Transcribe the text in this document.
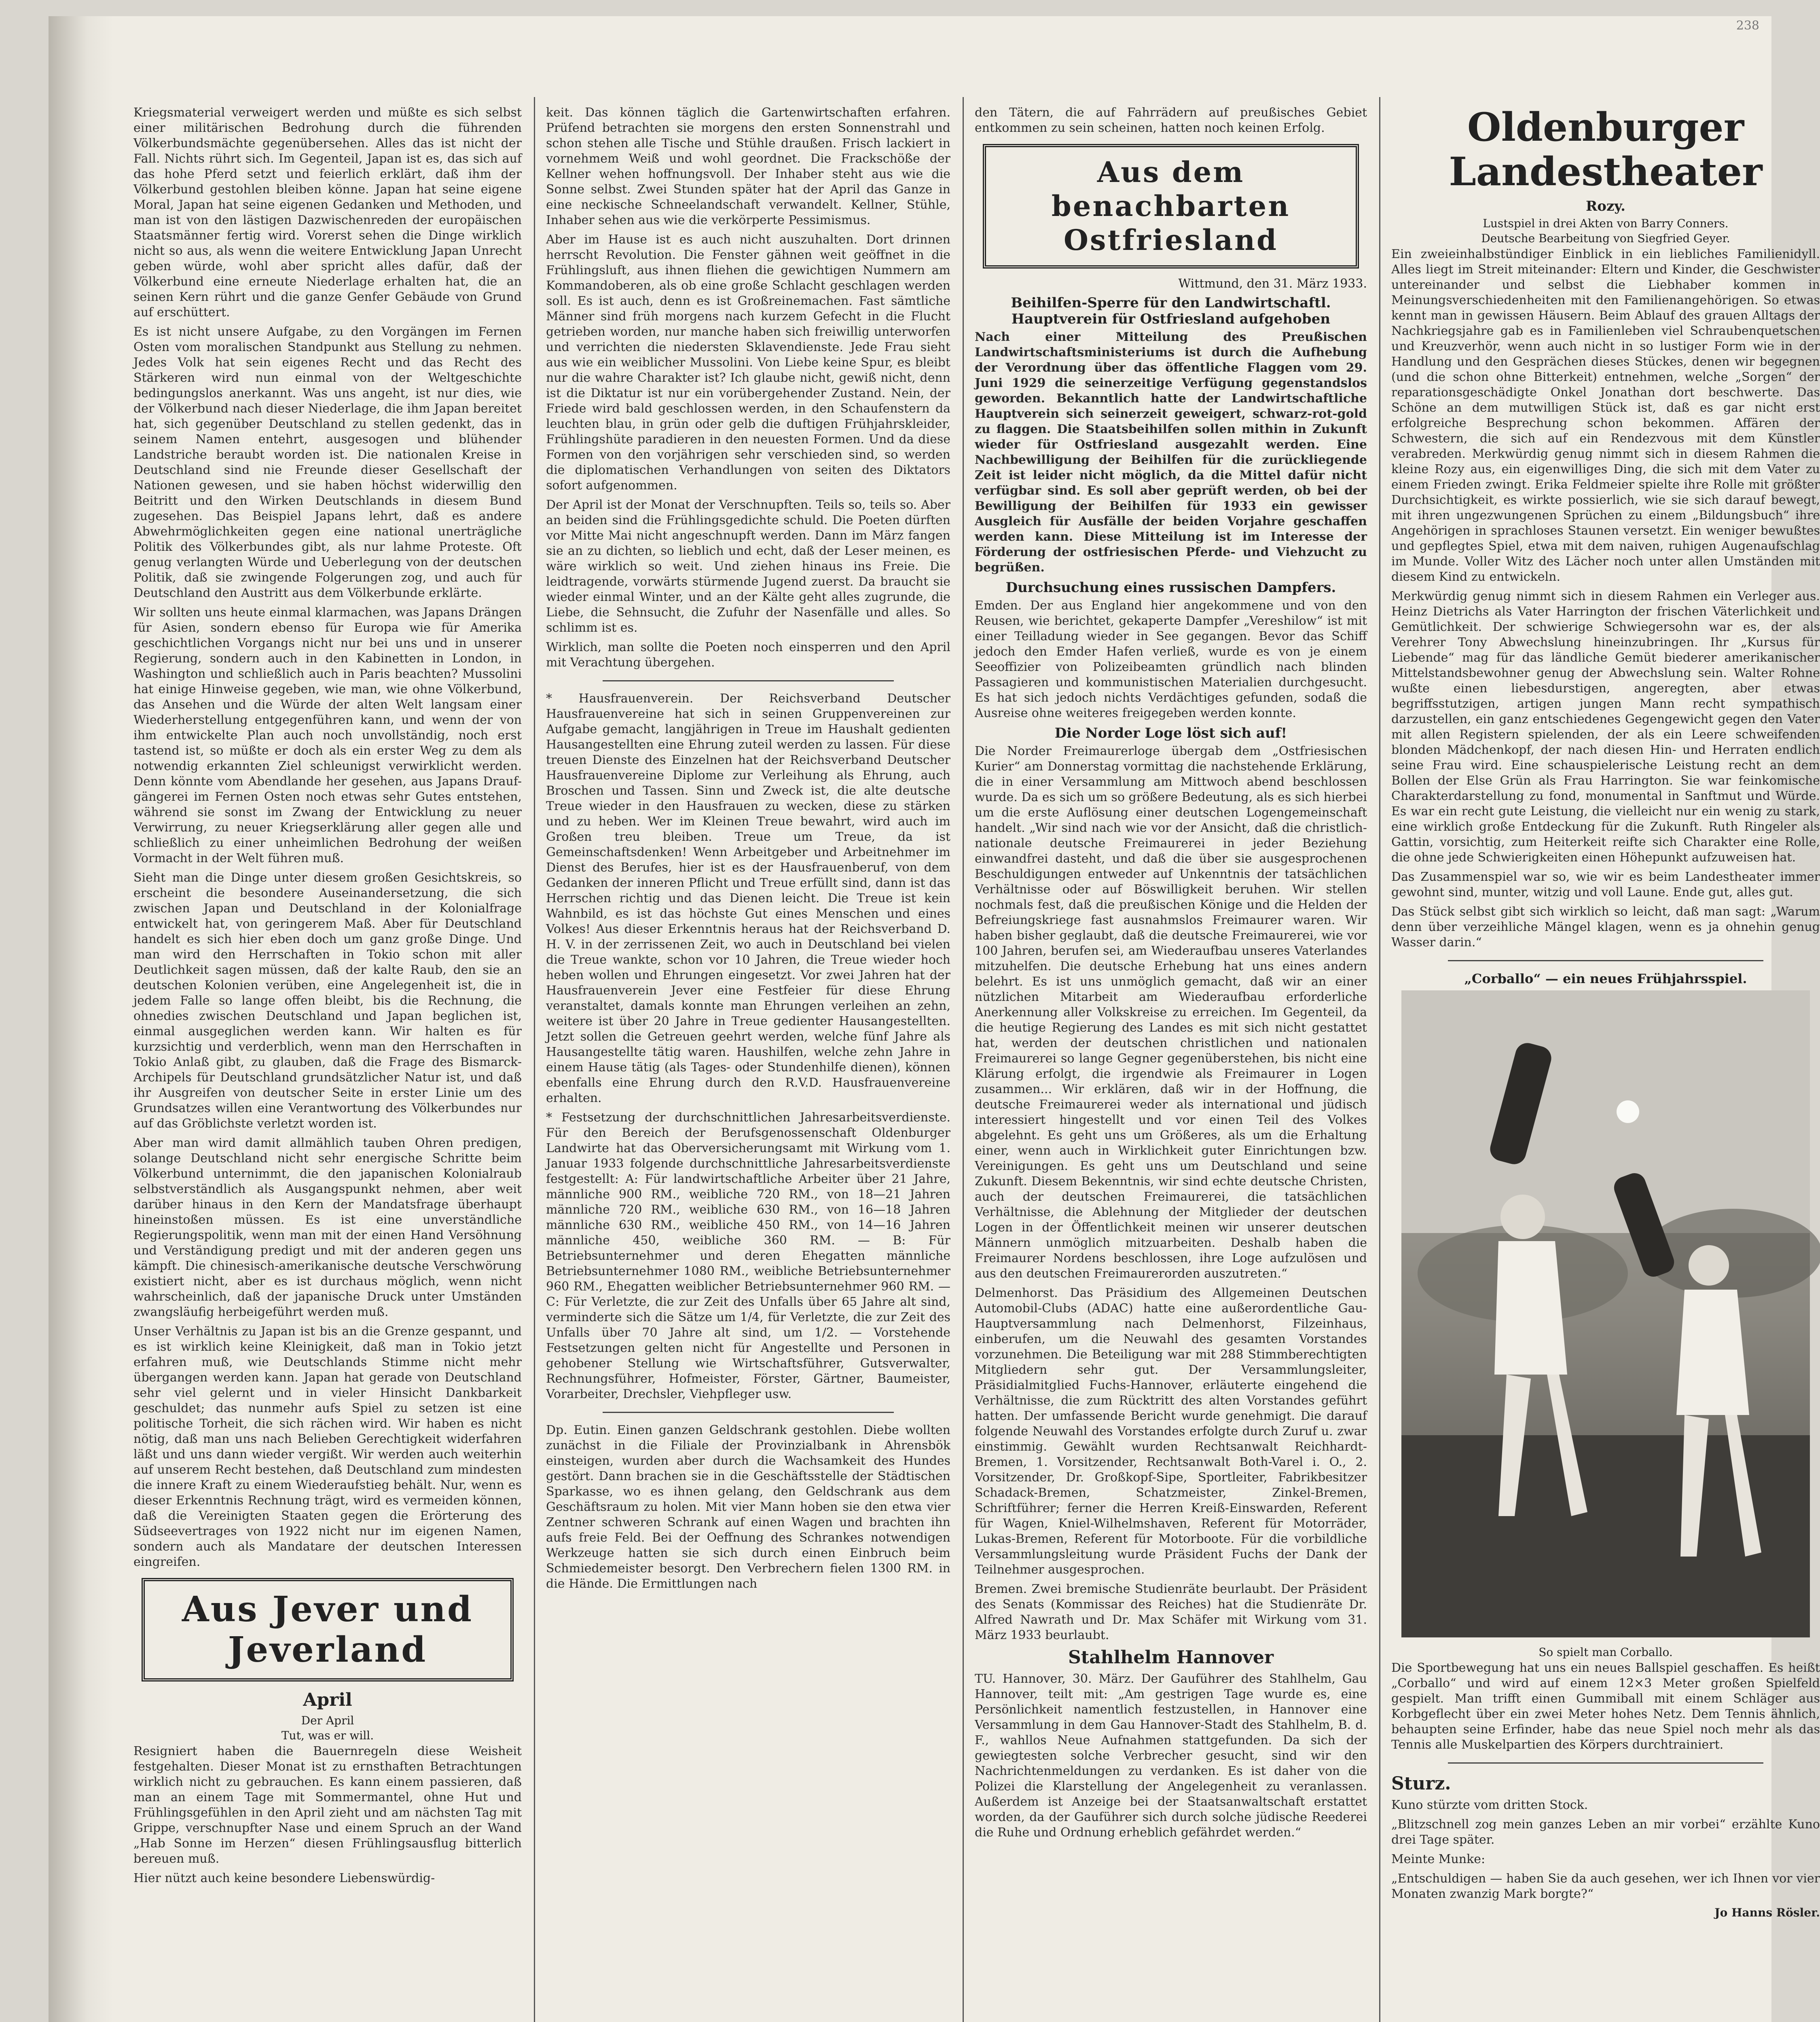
238

Kriegsmaterial verweigert werden und müßte es sich selbst einer militärischen Bedrohung durch die führenden Völkerbundsmächte gegenübersehen. Alles das ist nicht der Fall. Nichts rührt sich. Im Gegenteil, Japan ist es, das sich auf das hohe Pferd setzt und feierlich erklärt, daß ihm der Völkerbund gestohlen bleiben könne. Japan hat seine eigene Moral, Japan hat seine eigenen Gedanken und Methoden, und man ist von den lästigen Dazwischenreden der europäischen Staatsmänner fertig wird. Vorerst sehen die Dinge wirklich nicht so aus, als wenn die weitere Entwicklung Japan Unrecht geben würde, wohl aber spricht alles dafür, daß der Völkerbund eine erneute Niederlage erhalten hat, die an seinen Kern rührt und die ganze Genfer Gebäude von Grund auf erschüttert.

Es ist nicht unsere Aufgabe, zu den Vorgängen im Fernen Osten vom moralischen Standpunkt aus Stellung zu nehmen. Jedes Volk hat sein eigenes Recht und das Recht des Stärkeren wird nun einmal von der Weltgeschichte bedingungslos anerkannt. Was uns angeht, ist nur dies, wie der Völkerbund nach dieser Niederlage, die ihm Japan bereitet hat, sich gegenüber Deutschland zu stellen gedenkt, das in seinem Namen entehrt, ausgesogen und blühender Landstriche beraubt worden ist. Die nationalen Kreise in Deutschland sind nie Freunde dieser Gesellschaft der Nationen gewesen, und sie haben höchst widerwillig den Beitritt und den Wirken Deutschlands in diesem Bund zugesehen. Das Beispiel Japans lehrt, daß es andere Abwehrmöglichkeiten gegen eine national unerträgliche Politik des Völkerbundes gibt, als nur lahme Proteste. Oft genug verlangten Würde und Ueberlegung von der deutschen Politik, daß sie zwingende Folgerungen zog, und auch für Deutschland den Austritt aus dem Völkerbunde erklärte.

Wir sollten uns heute einmal klarmachen, was Japans Drängen für Asien, sondern ebenso für Europa wie für Amerika geschichtlichen Vorgangs nicht nur bei uns und in unserer Regierung, sondern auch in den Kabinetten in London, in Washington und schließlich auch in Paris beachten? Mussolini hat einige Hinweise gegeben, wie man, wie ohne Völkerbund, das Ansehen und die Würde der alten Welt langsam einer Wiederherstellung entgegenführen kann, und wenn der von ihm entwickelte Plan auch noch unvollständig, noch erst tastend ist, so müßte er doch als ein erster Weg zu dem als notwendig erkannten Ziel schleunigst verwirklicht werden. Denn könnte vom Abendlande her gesehen, aus Japans Drauf-gängerei im Fernen Osten noch etwas sehr Gutes entstehen, während sie sonst im Zwang der Entwicklung zu neuer Verwirrung, zu neuer Kriegserklärung aller gegen alle und schließlich zu einer unheimlichen Bedrohung der weißen Vormacht in der Welt führen muß.

Sieht man die Dinge unter diesem großen Gesichtskreis, so erscheint die besondere Auseinandersetzung, die sich zwischen Japan und Deutschland in der Kolonialfrage entwickelt hat, von geringerem Maß. Aber für Deutschland handelt es sich hier eben doch um ganz große Dinge. Und man wird den Herrschaften in Tokio schon mit aller Deutlichkeit sagen müssen, daß der kalte Raub, den sie an deutschen Kolonien verüben, eine Angelegenheit ist, die in jedem Falle so lange offen bleibt, bis die Rechnung, die ohnedies zwischen Deutschland und Japan beglichen ist, einmal ausgeglichen werden kann. Wir halten es für kurzsichtig und verderblich, wenn man den Herrschaften in Tokio Anlaß gibt, zu glauben, daß die Frage des Bismarck-Archipels für Deutschland grundsätzlicher Natur ist, und daß ihr Ausgreifen von deutscher Seite in erster Linie um des Grundsatzes willen eine Verantwortung des Völkerbundes nur auf das Gröblichste verletzt worden ist.

Aber man wird damit allmählich tauben Ohren predigen, solange Deutschland nicht sehr energische Schritte beim Völkerbund unternimmt, die den japanischen Kolonialraub selbstverständlich als Ausgangspunkt nehmen, aber weit darüber hinaus in den Kern der Mandatsfrage überhaupt hineinstoßen müssen. Es ist eine unverständliche Regierungspolitik, wenn man mit der einen Hand Versöhnung und Verständigung predigt und mit der anderen gegen uns kämpft. Die chinesisch-amerikanische deutsche Verschwörung existiert nicht, aber es ist durchaus möglich, wenn nicht wahrscheinlich, daß der japanische Druck unter Umständen zwangsläufig herbeigeführt werden muß.

Unser Verhältnis zu Japan ist bis an die Grenze gespannt, und es ist wirklich keine Kleinigkeit, daß man in Tokio jetzt erfahren muß, wie Deutschlands Stimme nicht mehr übergangen werden kann. Japan hat gerade von Deutschland sehr viel gelernt und in vieler Hinsicht Dankbarkeit geschuldet; das nunmehr aufs Spiel zu setzen ist eine politische Torheit, die sich rächen wird. Wir haben es nicht nötig, daß man uns nach Belieben Gerechtigkeit widerfahren läßt und uns dann wieder vergißt. Wir werden auch weiterhin auf unserem Recht bestehen, daß Deutschland zum mindesten die innere Kraft zu einem Wiederaufstieg behält. Nur, wenn es dieser Erkenntnis Rechnung trägt, wird es vermeiden können, daß die Vereinigten Staaten gegen die Erörterung des Südseevertrages von 1922 nicht nur im eigenen Namen, sondern auch als Mandatare der deutschen Interessen eingreifen.

Aus Jever und Jeverland
April
Der April
Tut, was er will.

Resigniert haben die Bauernregeln diese Weisheit festgehalten. Dieser Monat ist zu ernsthaften Betrachtungen wirklich nicht zu gebrauchen. Es kann einem passieren, daß man an einem Tage mit Sommermantel, ohne Hut und Frühlingsgefühlen in den April zieht und am nächsten Tag mit Grippe, verschnupfter Nase und einem Spruch an der Wand „Hab Sonne im Herzen“ diesen Frühlingsausflug bitterlich bereuen muß.

Hier nützt auch keine besondere Liebenswürdig-

keit. Das können täglich die Gartenwirtschaften erfahren. Prüfend betrachten sie morgens den ersten Sonnenstrahl und schon stehen alle Tische und Stühle draußen. Frisch lackiert in vornehmem Weiß und wohl geordnet. Die Frackschöße der Kellner wehen hoffnungsvoll. Der Inhaber steht aus wie die Sonne selbst. Zwei Stunden später hat der April das Ganze in eine neckische Schneelandschaft verwandelt. Kellner, Stühle, Inhaber sehen aus wie die verkörperte Pessimismus.

Aber im Hause ist es auch nicht auszuhalten. Dort drinnen herrscht Revolution. Die Fenster gähnen weit geöffnet in die Frühlingsluft, aus ihnen fliehen die gewichtigen Nummern am Kommandoberen, als ob eine große Schlacht geschlagen werden soll. Es ist auch, denn es ist Großreinemachen. Fast sämtliche Männer sind früh morgens nach kurzem Gefecht in die Flucht getrieben worden, nur manche haben sich freiwillig unterworfen und verrichten die niedersten Sklavendienste. Jede Frau sieht aus wie ein weiblicher Mussolini. Von Liebe keine Spur, es bleibt nur die wahre Charakter ist? Ich glaube nicht, gewiß nicht, denn ist die Diktatur ist nur ein vorübergehender Zustand. Nein, der Friede wird bald geschlossen werden, in den Schaufenstern da leuchten blau, in grün oder gelb die duftigen Frühjahrskleider, Frühlingshüte paradieren in den neuesten Formen. Und da diese Formen von den vorjährigen sehr verschieden sind, so werden die diplomatischen Verhandlungen von seiten des Diktators sofort aufgenommen.

Der April ist der Monat der Verschnupften. Teils so, teils so. Aber an beiden sind die Frühlingsgedichte schuld. Die Poeten dürften vor Mitte Mai nicht angeschnupft werden. Dann im März fangen sie an zu dichten, so lieblich und echt, daß der Leser meinen, es wäre wirklich so weit. Und ziehen hinaus ins Freie. Die leidtragende, vorwärts stürmende Jugend zuerst. Da braucht sie wieder einmal Winter, und an der Kälte geht alles zugrunde, die Liebe, die Sehnsucht, die Zufuhr der Nasenfälle und alles. So schlimm ist es.

Wirklich, man sollte die Poeten noch einsperren und den April mit Verachtung übergehen.

* Hausfrauenverein. Der Reichsverband Deutscher Hausfrauenvereine hat sich in seinen Gruppenvereinen zur Aufgabe gemacht, langjährigen in Treue im Haushalt gedienten Hausangestellten eine Ehrung zuteil werden zu lassen. Für diese treuen Dienste des Einzelnen hat der Reichsverband Deutscher Hausfrauenvereine Diplome zur Verleihung als Ehrung, auch Broschen und Tassen. Sinn und Zweck ist, die alte deutsche Treue wieder in den Hausfrauen zu wecken, diese zu stärken und zu heben. Wer im Kleinen Treue bewahrt, wird auch im Großen treu bleiben. Treue um Treue, da ist Gemeinschaftsdenken! Wenn Arbeitgeber und Arbeitnehmer im Dienst des Berufes, hier ist es der Hausfrauenberuf, von dem Gedanken der inneren Pflicht und Treue erfüllt sind, dann ist das Herrschen richtig und das Dienen leicht. Die Treue ist kein Wahnbild, es ist das höchste Gut eines Menschen und eines Volkes! Aus dieser Erkenntnis heraus hat der Reichsverband D. H. V. in der zerrissenen Zeit, wo auch in Deutschland bei vielen die Treue wankte, schon vor 10 Jahren, die Treue wieder hoch heben wollen und Ehrungen eingesetzt. Vor zwei Jahren hat der Hausfrauenverein Jever eine Festfeier für diese Ehrung veranstaltet, damals konnte man Ehrungen verleihen an zehn, weitere ist über 20 Jahre in Treue gedienter Hausangestellten. Jetzt sollen die Getreuen geehrt werden, welche fünf Jahre als Hausangestellte tätig waren. Haushilfen, welche zehn Jahre in einem Hause tätig (als Tages- oder Stundenhilfe dienen), können ebenfalls eine Ehrung durch den R.V.D. Hausfrauenvereine erhalten.

* Festsetzung der durchschnittlichen Jahresarbeitsverdienste. Für den Bereich der Berufsgenossenschaft Oldenburger Landwirte hat das Oberversicherungsamt mit Wirkung vom 1. Januar 1933 folgende durchschnittliche Jahresarbeitsverdienste festgestellt: A: Für landwirtschaftliche Arbeiter über 21 Jahre, männliche 900 RM., weibliche 720 RM., von 18—21 Jahren männliche 720 RM., weibliche 630 RM., von 16—18 Jahren männliche 630 RM., weibliche 450 RM., von 14—16 Jahren männliche 450, weibliche 360 RM. — B: Für Betriebsunternehmer und deren Ehegatten männliche Betriebsunternehmer 1080 RM., weibliche Betriebsunternehmer 960 RM., Ehegatten weiblicher Betriebsunternehmer 960 RM. — C: Für Verletzte, die zur Zeit des Unfalls über 65 Jahre alt sind, verminderte sich die Sätze um 1/4, für Verletzte, die zur Zeit des Unfalls über 70 Jahre alt sind, um 1/2. — Vorstehende Festsetzungen gelten nicht für Angestellte und Personen in gehobener Stellung wie Wirtschaftsführer, Gutsverwalter, Rechnungsführer, Hofmeister, Förster, Gärtner, Baumeister, Vorarbeiter, Drechsler, Viehpfleger usw.

Dp. Eutin. Einen ganzen Geldschrank gestohlen. Diebe wollten zunächst in die Filiale der Provinzialbank in Ahrensbök einsteigen, wurden aber durch die Wachsamkeit des Hundes gestört. Dann brachen sie in die Geschäftsstelle der Städtischen Sparkasse, wo es ihnen gelang, den Geldschrank aus dem Geschäftsraum zu holen. Mit vier Mann hoben sie den etwa vier Zentner schweren Schrank auf einen Wagen und brachten ihn aufs freie Feld. Bei der Oeffnung des Schrankes notwendigen Werkzeuge hatten sie sich durch einen Einbruch beim Schmiedemeister besorgt. Den Verbrechern fielen 1300 RM. in die Hände. Die Ermittlungen nach

den Tätern, die auf Fahrrädern auf preußisches Gebiet entkommen zu sein scheinen, hatten noch keinen Erfolg.

Aus dem benachbarten Ostfriesland
Wittmund, den 31. März 1933.
Beihilfen-Sperre für den Landwirtschaftl. Hauptverein für Ostfriesland aufgehoben

Nach einer Mitteilung des Preußischen Landwirtschaftsministeriums ist durch die Aufhebung der Verordnung über das öffentliche Flaggen vom 29. Juni 1929 die seinerzeitige Verfügung gegenstandslos geworden. Bekanntlich hatte der Landwirtschaftliche Hauptverein sich seinerzeit geweigert, schwarz-rot-gold zu flaggen. Die Staatsbeihilfen sollen mithin in Zukunft wieder für Ostfriesland ausgezahlt werden. Eine Nachbewilligung der Beihilfen für die zurückliegende Zeit ist leider nicht möglich, da die Mittel dafür nicht verfügbar sind. Es soll aber geprüft werden, ob bei der Bewilligung der Beihilfen für 1933 ein gewisser Ausgleich für Ausfälle der beiden Vorjahre geschaffen werden kann. Diese Mitteilung ist im Interesse der Förderung der ostfriesischen Pferde- und Viehzucht zu begrüßen.

Durchsuchung eines russischen Dampfers.

Emden. Der aus England hier angekommene und von den Reusen, wie berichtet, gekaperte Dampfer „Vereshilow“ ist mit einer Teilladung wieder in See gegangen. Bevor das Schiff jedoch den Emder Hafen verließ, wurde es von je einem Seeoffizier von Polizeibeamten gründlich nach blinden Passagieren und kommunistischen Materialien durchgesucht. Es hat sich jedoch nichts Verdächtiges gefunden, sodaß die Ausreise ohne weiteres freigegeben werden konnte.

Die Norder Loge löst sich auf!

Die Norder Freimaurerloge übergab dem „Ostfriesischen Kurier“ am Donnerstag vormittag die nachstehende Erklärung, die in einer Versammlung am Mittwoch abend beschlossen wurde. Da es sich um so größere Bedeutung, als es sich hierbei um die erste Auflösung einer deutschen Logengemeinschaft handelt. „Wir sind nach wie vor der Ansicht, daß die christlich-nationale deutsche Freimaurerei in jeder Beziehung einwandfrei dasteht, und daß die über sie ausgesprochenen Beschuldigungen entweder auf Unkenntnis der tatsächlichen Verhältnisse oder auf Böswilligkeit beruhen. Wir stellen nochmals fest, daß die preußischen Könige und die Helden der Befreiungskriege fast ausnahmslos Freimaurer waren. Wir haben bisher geglaubt, daß die deutsche Freimaurerei, wie vor 100 Jahren, berufen sei, am Wiederaufbau unseres Vaterlandes mitzuhelfen. Die deutsche Erhebung hat uns eines andern belehrt. Es ist uns unmöglich gemacht, daß wir an einer nützlichen Mitarbeit am Wiederaufbau erforderliche Anerkennung aller Volkskreise zu erreichen. Im Gegenteil, da die heutige Regierung des Landes es mit sich nicht gestattet hat, werden der deutschen christlichen und nationalen Freimaurerei so lange Gegner gegenüberstehen, bis nicht eine Klärung erfolgt, die irgendwie als Freimaurer in Logen zusammen... Wir erklären, daß wir in der Hoffnung, die deutsche Freimaurerei weder als international und jüdisch interessiert hingestellt und vor einen Teil des Volkes abgelehnt. Es geht uns um Größeres, als um die Erhaltung einer, wenn auch in Wirklichkeit guter Einrichtungen bzw. Vereinigungen. Es geht uns um Deutschland und seine Zukunft. Diesem Bekenntnis, wir sind echte deutsche Christen, auch der deutschen Freimaurerei, die tatsächlichen Verhältnisse, die Ablehnung der Mitglieder der deutschen Logen in der Öffentlichkeit meinen wir unserer deutschen Männern unmöglich mitzuarbeiten. Deshalb haben die Freimaurer Nordens beschlossen, ihre Loge aufzulösen und aus den deutschen Freimaurerorden auszutreten.“

Delmenhorst. Das Präsidium des Allgemeinen Deutschen Automobil-Clubs (ADAC) hatte eine außerordentliche Gau-Hauptversammlung nach Delmenhorst, Filzeinhaus, einberufen, um die Neuwahl des gesamten Vorstandes vorzunehmen. Die Beteiligung war mit 288 Stimmberechtigten Mitgliedern sehr gut. Der Versammlungsleiter, Präsidialmitglied Fuchs-Hannover, erläuterte eingehend die Verhältnisse, die zum Rücktritt des alten Vorstandes geführt hatten. Der umfassende Bericht wurde genehmigt. Die darauf folgende Neuwahl des Vorstandes erfolgte durch Zuruf u. zwar einstimmig. Gewählt wurden Rechtsanwalt Reichhardt-Bremen, 1. Vorsitzender, Rechtsanwalt Both-Varel i. O., 2. Vorsitzender, Dr. Großkopf-Sipe, Sportleiter, Fabrikbesitzer Schadack-Bremen, Schatzmeister, Zinkel-Bremen, Schriftführer; ferner die Herren Kreiß-Einswarden, Referent für Wagen, Kniel-Wilhelmshaven, Referent für Motorräder, Lukas-Bremen, Referent für Motorboote. Für die vorbildliche Versammlungsleitung wurde Präsident Fuchs der Dank der Teilnehmer ausgesprochen.

Bremen. Zwei bremische Studienräte beurlaubt. Der Präsident des Senats (Kommissar des Reiches) hat die Studienräte Dr. Alfred Nawrath und Dr. Max Schäfer mit Wirkung vom 31. März 1933 beurlaubt.

Stahlhelm Hannover

TU. Hannover, 30. März. Der Gauführer des Stahlhelm, Gau Hannover, teilt mit: „Am gestrigen Tage wurde es, eine Persönlichkeit namentlich festzustellen, in Hannover eine Versammlung in dem Gau Hannover-Stadt des Stahlhelm, B. d. F., wahllos Neue Aufnahmen stattgefunden. Da sich der gewiegtesten solche Verbrecher gesucht, sind wir den Nachrichtenmeldungen zu verdanken. Es ist daher von die Polizei die Klarstellung der Angelegenheit zu veranlassen. Außerdem ist Anzeige bei der Staatsanwaltschaft erstattet worden, da der Gauführer sich durch solche jüdische Reederei die Ruhe und Ordnung erheblich gefährdet werden.“

Oldenburger Landestheater
Rozy.
Lustspiel in drei Akten von Barry Conners.
Deutsche Bearbeitung von Siegfried Geyer.

Ein zweieinhalbstündiger Einblick in ein liebliches Familienidyll. Alles liegt im Streit miteinander: Eltern und Kinder, die Geschwister untereinander und selbst die Liebhaber kommen in Meinungsverschiedenheiten mit den Familienangehörigen. So etwas kennt man in gewissen Häusern. Beim Ablauf des grauen Alltags der Nachkriegsjahre gab es in Familienleben viel Schraubenquetschen und Kreuzverhör, wenn auch nicht in so lustiger Form wie in der Handlung und den Gesprächen dieses Stückes, denen wir begegnen (und die schon ohne Bitterkeit) entnehmen, welche „Sorgen“ der reparationsgeschädigte Onkel Jonathan dort beschwerte. Das Schöne an dem mutwilligen Stück ist, daß es gar nicht erst erfolgreiche Besprechung schon bekommen. Affären der Schwestern, die sich auf ein Rendezvous mit dem Künstler verabreden. Merkwürdig genug nimmt sich in diesem Rahmen die kleine Rozy aus, ein eigenwilliges Ding, die sich mit dem Vater zu einem Frieden zwingt. Erika Feldmeier spielte ihre Rolle mit größter Durchsichtigkeit, es wirkte possierlich, wie sie sich darauf bewegt, mit ihren ungezwungenen Sprüchen zu einem „Bildungsbuch“ ihre Angehörigen in sprachloses Staunen versetzt. Ein weniger bewußtes und gepflegtes Spiel, etwa mit dem naiven, ruhigen Augenaufschlag im Munde. Voller Witz des Lächer noch unter allen Umständen mit diesem Kind zu entwickeln.

Merkwürdig genug nimmt sich in diesem Rahmen ein Verleger aus. Heinz Dietrichs als Vater Harrington der frischen Väterlichkeit und Gemütlichkeit. Der schwierige Schwiegersohn war es, der als Verehrer Tony Abwechslung hineinzubringen. Ihr „Kursus für Liebende“ mag für das ländliche Gemüt biederer amerikanischer Mittelstandsbewohner genug der Abwechslung sein. Walter Rohne wußte einen liebesdurstigen, angeregten, aber etwas begriffsstutzigen, artigen jungen Mann recht sympathisch darzustellen, ein ganz entschiedenes Gegengewicht gegen den Vater mit allen Registern spielenden, der als ein Leere schweifenden blonden Mädchenkopf, der nach diesen Hin- und Herraten endlich seine Frau wird. Eine schauspielerische Leistung recht an dem Bollen der Else Grün als Frau Harrington. Sie war feinkomische Charakterdarstellung zu fond, monumental in Sanftmut und Würde. Es war ein recht gute Leistung, die vielleicht nur ein wenig zu stark, eine wirklich große Entdeckung für die Zukunft. Ruth Ringeler als Gattin, vorsichtig, zum Heiterkeit reifte sich Charakter eine Rolle, die ohne jede Schwierigkeiten einen Höhepunkt aufzuweisen hat.

Das Zusammenspiel war so, wie wir es beim Landestheater immer gewohnt sind, munter, witzig und voll Laune. Ende gut, alles gut.

Das Stück selbst gibt sich wirklich so leicht, daß man sagt: „Warum denn über verzeihliche Mängel klagen, wenn es ja ohnehin genug Wasser darin.“

„Corballo“ — ein neues Frühjahrsspiel.
So spielt man Corballo.

Die Sportbewegung hat uns ein neues Ballspiel geschaffen. Es heißt „Corballo“ und wird auf einem 12×3 Meter großen Spielfeld gespielt. Man trifft einen Gummiball mit einem Schläger aus Korbgeflecht über ein zwei Meter hohes Netz. Dem Tennis ähnlich, behaupten seine Erfinder, habe das neue Spiel noch mehr als das Tennis alle Muskelpartien des Körpers durchtrainiert.

Sturz.

Kuno stürzte vom dritten Stock.

„Blitzschnell zog mein ganzes Leben an mir vorbei“ erzählte Kuno drei Tage später.

Meinte Munke:

„Entschuldigen — haben Sie da auch gesehen, wer ich Ihnen vor vier Monaten zwanzig Mark borgte?“

Jo Hanns Rösler.
